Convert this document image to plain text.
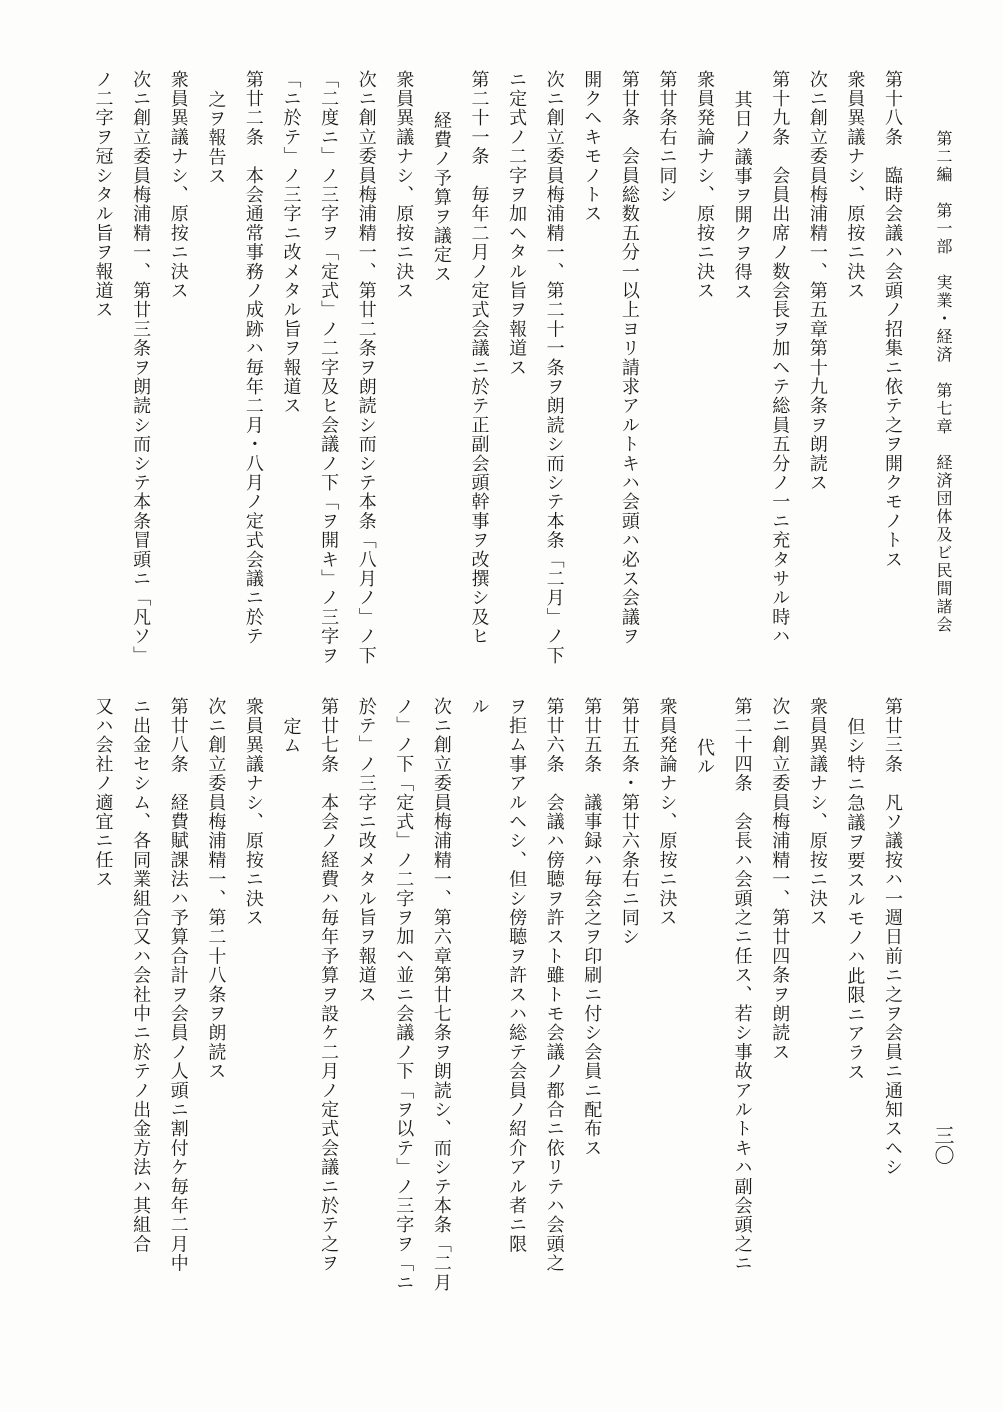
第二編　第一部　実業・経済　第七章　経済団体及ビ民間諸会
第十八条　臨時会議ハ会頭ノ招集ニ依テ之ヲ開クモノトス
衆員異議ナシ、原按ニ決ス
次ニ創立委員梅浦精一、第五章第十九条ヲ朗読ス
第十九条　会員出席ノ数会長ヲ加ヘテ総員五分ノ一ニ充タサル時ハ
其日ノ議事ヲ開クヲ得ス
衆員発論ナシ、原按ニ決ス
第廿条右ニ同シ
第廿条　会員総数五分一以上ヨリ請求アルトキハ会頭ハ必ス会議ヲ
開クヘキモノトス
次ニ創立委員梅浦精一、第二十一条ヲ朗読シ而シテ本条「二月」ノ下
ニ定式ノ二字ヲ加ヘタル旨ヲ報道ス
第二十一条　毎年二月ノ定式会議ニ於テ正副会頭幹事ヲ改撰シ及ヒ
経費ノ予算ヲ議定ス
衆員異議ナシ、原按ニ決ス
次ニ創立委員梅浦精一、第廿二条ヲ朗読シ而シテ本条「八月ノ」ノ下
「二度ニ」ノ三字ヲ「定式」ノ二字及ヒ会議ノ下「ヲ開キ」ノ三字ヲ
「ニ於テ」ノ三字ニ改メタル旨ヲ報道ス
第廿二条　本会通常事務ノ成跡ハ毎年二月・八月ノ定式会議ニ於テ
之ヲ報告ス
衆員異議ナシ、原按ニ決ス
次ニ創立委員梅浦精一、第廿三条ヲ朗読シ而シテ本条冒頭ニ「凡ソ」
ノ二字ヲ冠シタル旨ヲ報道ス
三〇
第廿三条　凡ソ議按ハ一週日前ニ之ヲ会員ニ通知スヘシ
但シ特ニ急議ヲ要スルモノハ此限ニアラス
衆員異議ナシ、原按ニ決ス
次ニ創立委員梅浦精一、第廿四条ヲ朗読ス
第二十四条　会長ハ会頭之ニ任ス、若シ事故アルトキハ副会頭之ニ
代ル
衆員発論ナシ、原按ニ決ス
第廿五条・第廿六条右ニ同シ
第廿五条　議事録ハ毎会之ヲ印刷ニ付シ会員ニ配布ス
第廿六条　会議ハ傍聴ヲ許スト雖トモ会議ノ都合ニ依リテハ会頭之
ヲ拒ム事アルヘシ、但シ傍聴ヲ許スハ総テ会員ノ紹介アル者ニ限
ル
次ニ創立委員梅浦精一、第六章第廿七条ヲ朗読シ、而シテ本条「二月
ノ」ノ下「定式」ノ二字ヲ加ヘ並ニ会議ノ下「ヲ以テ」ノ三字ヲ「ニ
於テ」ノ三字ニ改メタル旨ヲ報道ス
第廿七条　本会ノ経費ハ毎年予算ヲ設ケ二月ノ定式会議ニ於テ之ヲ
定ム
衆員異議ナシ、原按ニ決ス
次ニ創立委員梅浦精一、第二十八条ヲ朗読ス
第廿八条　経費賦課法ハ予算合計ヲ会員ノ人頭ニ割付ケ毎年二月中
ニ出金セシム、各同業組合又ハ会社中ニ於テノ出金方法ハ其組合
又ハ会社ノ適宜ニ任ス
